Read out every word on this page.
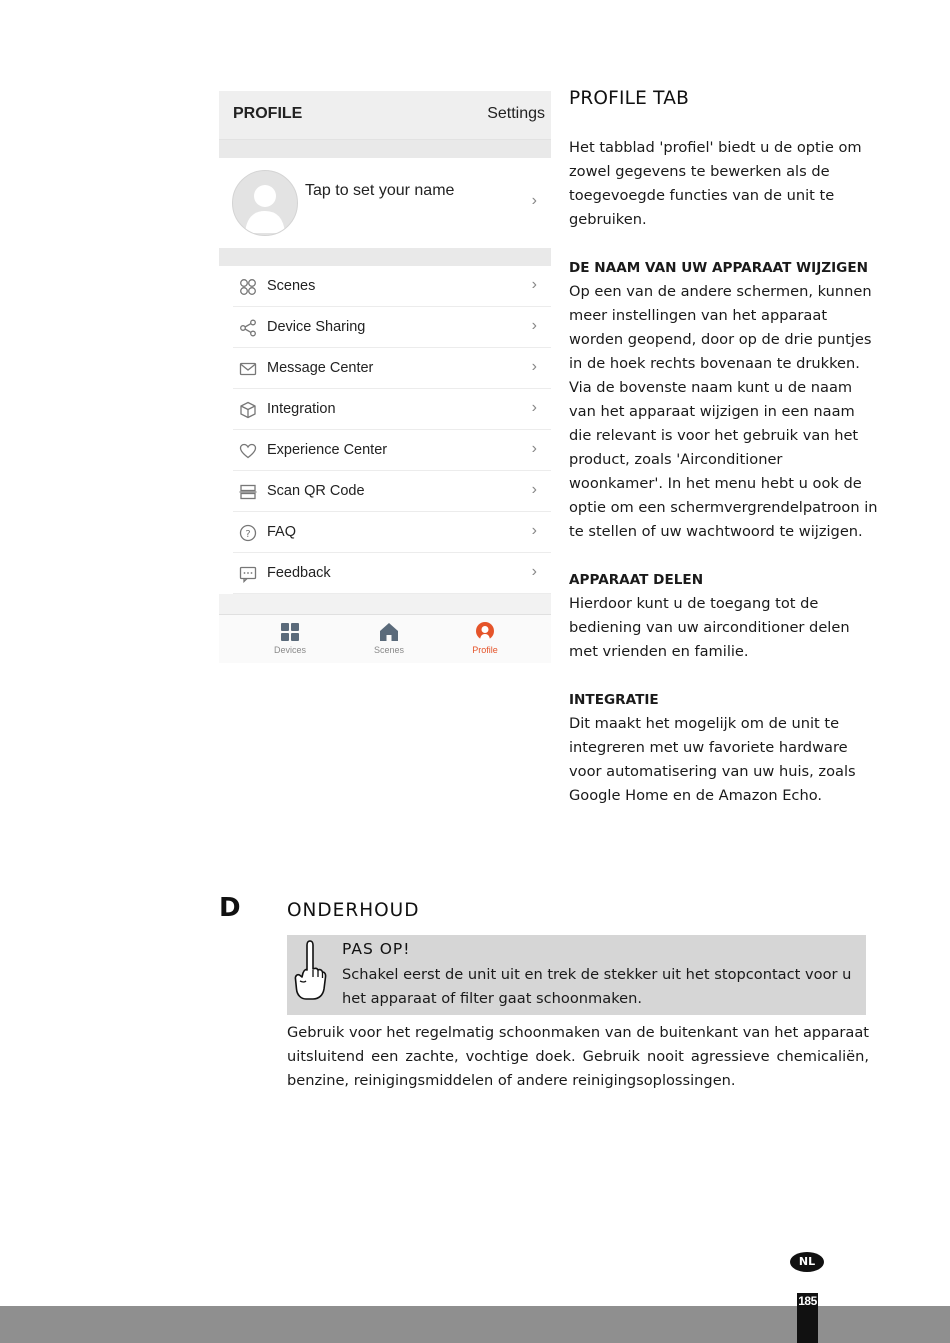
PROFILE	Settings
Tap to set your name
›
Scenes	›
Device Sharing	›
Message Center	›
Integration	›
Experience Center	›
Scan QR Code	›
? FAQ	›
Feedback	›
Devices	Scenes	Profile
PROFILE TAB

Het tabblad 'profiel' biedt u de optie om zowel gegevens te bewerken als de toegevoegde functies van de unit te gebruiken.

DE NAAM VAN UW APPARAAT WIJZIGEN

Op een van de andere schermen, kunnen meer instellingen van het apparaat worden geopend, door op de drie puntjes in de hoek rechts bovenaan te drukken. Via de bovenste naam kunt u de naam van het apparaat wijzigen in een naam die relevant is voor het gebruik van het product, zoals 'Airconditioner woonkamer'. In het menu hebt u ook de optie om een schermvergrendelpatroon in te stellen of uw wachtwoord te wijzigen.

APPARAAT DELEN

Hierdoor kunt u de toegang tot de bediening van uw airconditioner delen met vrienden en familie.

INTEGRATIE

Dit maakt het mogelijk om de unit te integreren met uw favoriete hardware voor automatisering van uw huis, zoals Google Home en de Amazon Echo.

D	ONDERHOUD
PAS OP!
Schakel eerst de unit uit en trek de stekker uit het stopcontact voor u het apparaat of filter gaat schoonmaken.
Gebruik voor het regelmatig schoonmaken van de buitenkant van het apparaat uitsluitend een zachte, vochtige doek. Gebruik nooit agressieve chemicaliën, benzine, reinigingsmiddelen of andere reinigingsoplossingen.
NL
185
